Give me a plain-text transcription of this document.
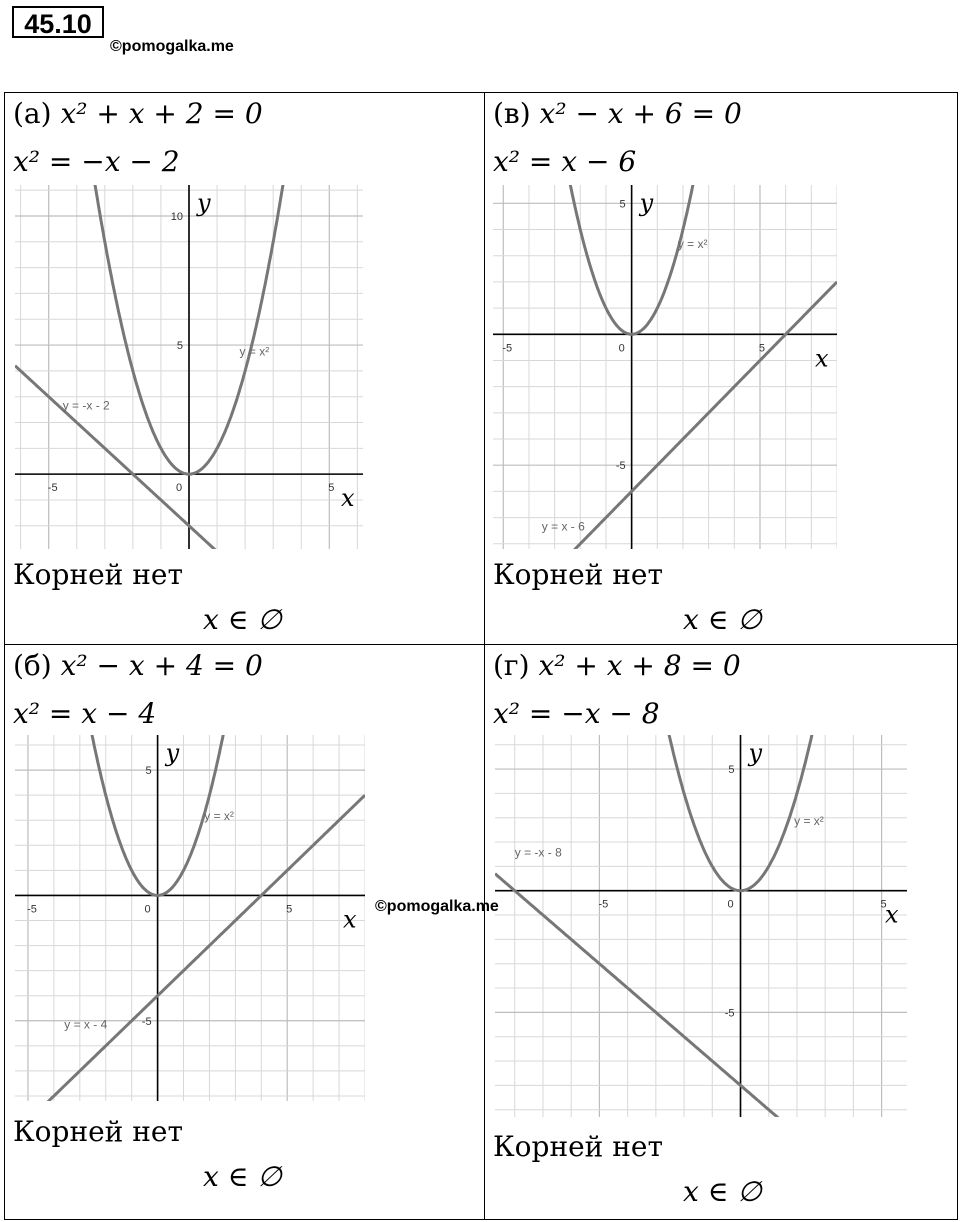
45.10
©pomogalka.me
(а) x² + x + 2 = 0
x² = −x − 2
-5	0	5
5
10
x
y
y = x²
y = -x - 2
Корней нет
x ∈ ∅
(в) x² − x + 6 = 0
x² = x − 6
-5	0	5
5
-5
x
y
y = x²
y = x - 6
Корней нет
x ∈ ∅
(б) x² − x + 4 = 0
x² = x − 4
-5	0	5
5
-5
x
y
y = x²
y = x - 4
Корней нет
x ∈ ∅
(г) x² + x + 8 = 0
x² = −x − 8
-5	0	5
5
-5
x
y
y = x²
y = -x - 8
Корней нет
x ∈ ∅
©pomogalka.me
